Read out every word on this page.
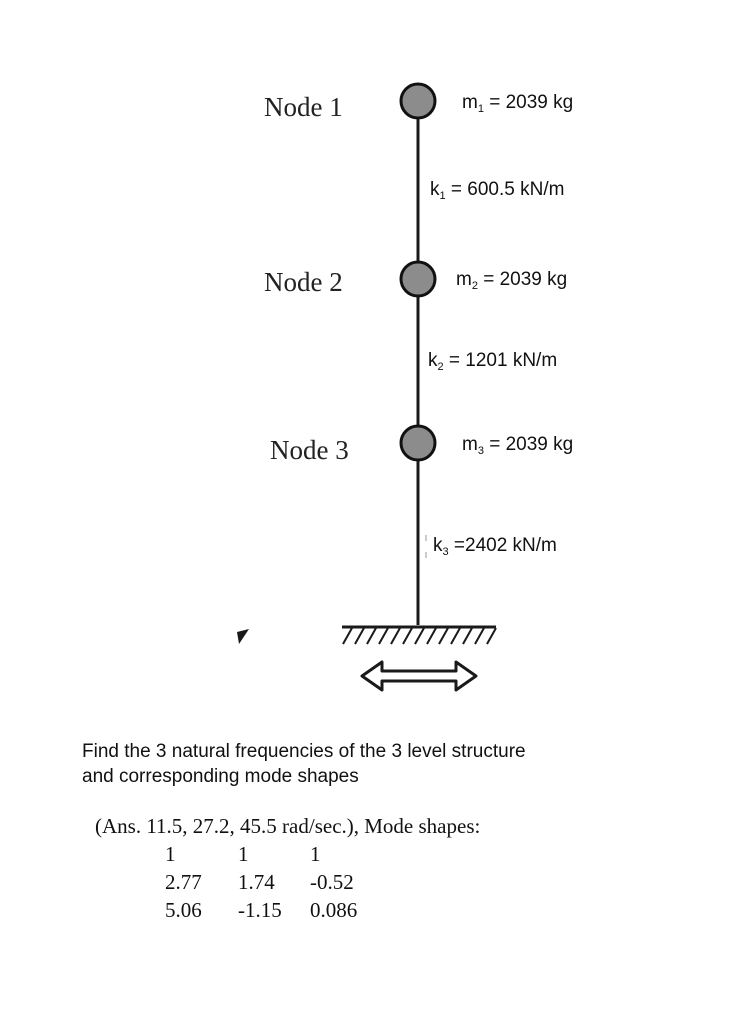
Node 1
Node 2
Node 3
$m_1 = 2039$ kg
$m_2 = 2039$ kg
$m_3 = 2039$ kg
$k_1 = 600.5$ kN/m
$k_2 = 1201$ kN/m
$k_3 =2402$ kN/m
Find the 3 natural frequencies of the 3 level structure
and corresponding mode shapes
(Ans. 11.5, 27.2, 45.5 rad/sec.), Mode shapes:
1	1	1
2.77 1.74 -0.52
5.06 -1.15 0.086
